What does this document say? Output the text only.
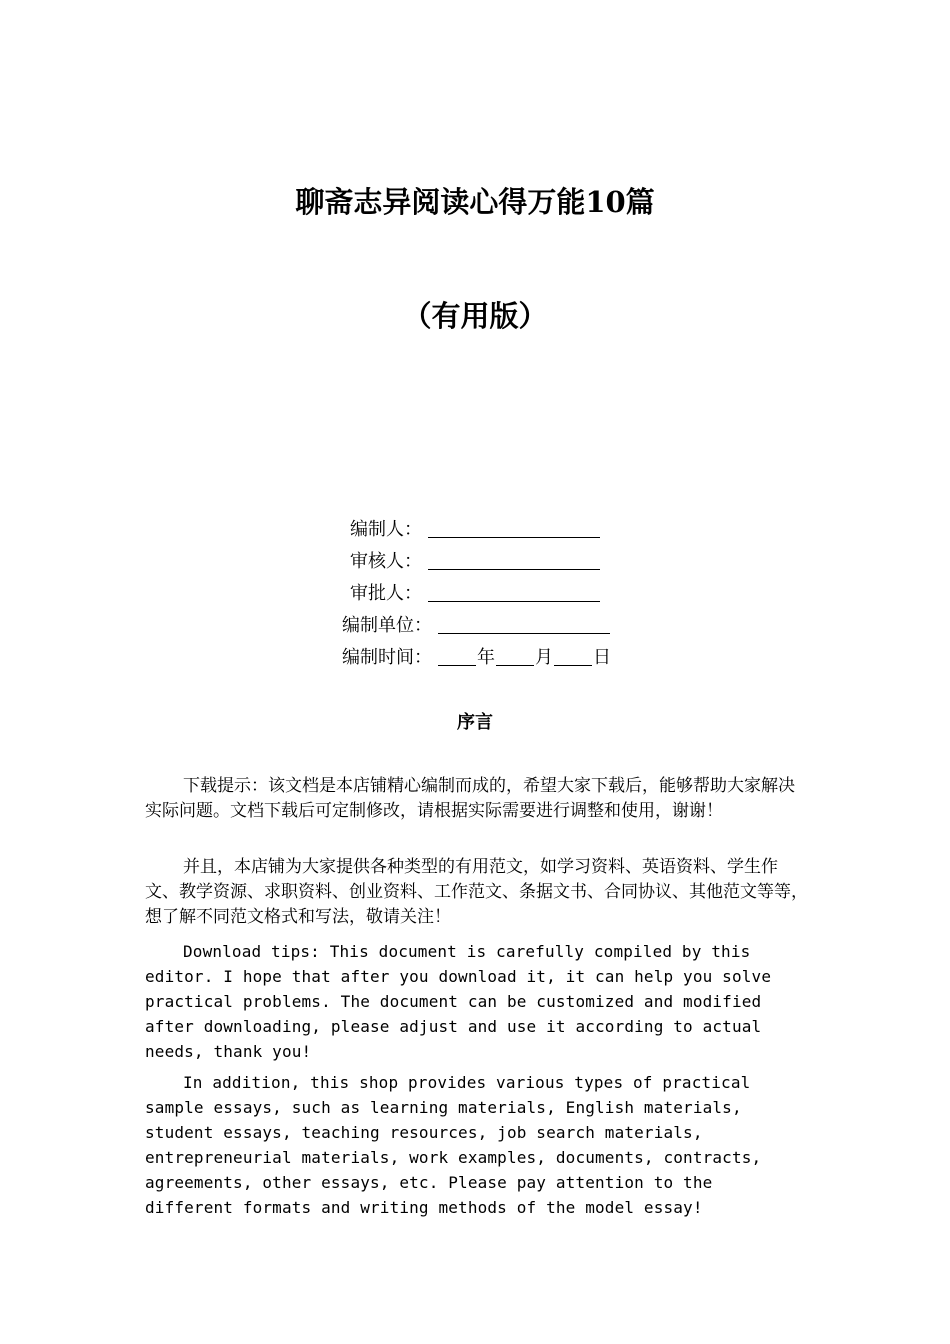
聊斋志异阅读心得万能10篇
（有用版）
编制人：
审核人：
审批人：
编制单位：
编制时间：	年 月 日
序言

下载提示：该文档是本店铺精心编制而成的，希望大家下载后，能够帮助大家解决实际问题。文档下载后可定制修改，请根据实际需要进行调整和使用，谢谢！

并且，本店铺为大家提供各种类型的有用范文，如学习资料、英语资料、学生作文、教学资源、求职资料、创业资料、工作范文、条据文书、合同协议、其他范文等等，想了解不同范文格式和写法，敬请关注！

Download tips: This document is carefully compiled by this editor. I hope that after you download it, it can help you solve practical problems. The document can be customized and modified after downloading, please adjust and use it according to actual needs, thank you!

In addition, this shop provides various types of practical sample essays, such as learning materials, English materials, student essays, teaching resources, job search materials, entrepreneurial materials, work examples, documents, contracts, agreements, other essays, etc. Please pay attention to the different formats and writing methods of the model essay!
